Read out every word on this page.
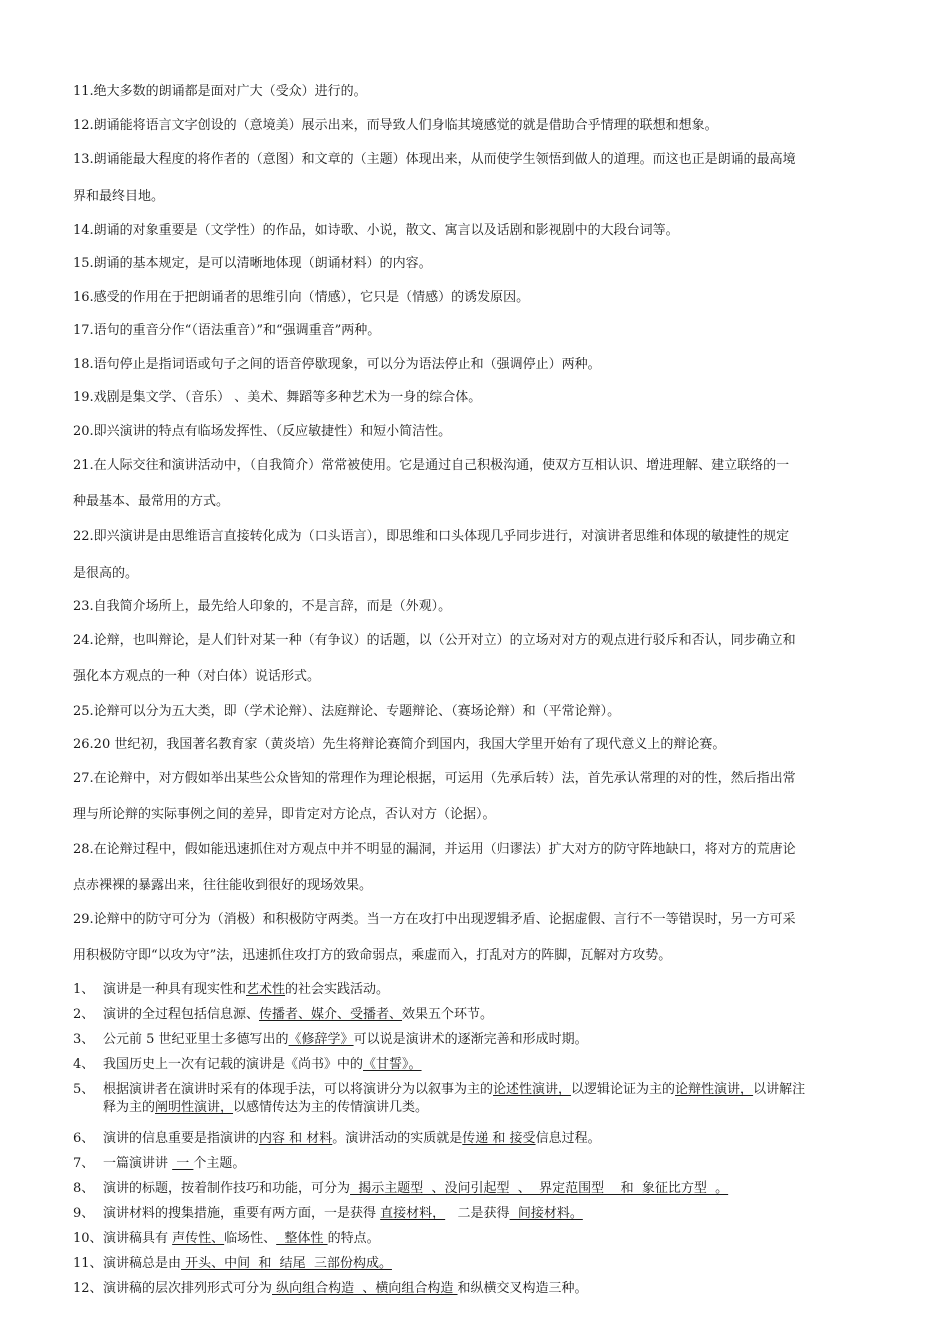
11.绝大多数的朗诵都是面对广大（受众）进行的。
12.朗诵能将语言文字创设的（意境美）展示出来，而导致人们身临其境感觉的就是借助合乎情理的联想和想象。
13.朗诵能最大程度的将作者的（意图）和文章的（主题）体现出来，从而使学生领悟到做人的道理。而这也正是朗诵的最高境
界和最终目地。
14.朗诵的对象重要是（文学性）的作品，如诗歌、小说，散文、寓言以及话剧和影视剧中的大段台词等。
15.朗诵的基本规定，是可以清晰地体现（朗诵材料）的内容。
16.感受的作用在于把朗诵者的思维引向（情感），它只是（情感）的诱发原因。
17.语句的重音分作“（语法重音）”和“强调重音”两种。
18.语句停止是指词语或句子之间的语音停歇现象，可以分为语法停止和（强调停止）两种。
19.戏剧是集文学、（音乐） 、美术、舞蹈等多种艺术为一身的综合体。
20.即兴演讲的特点有临场发挥性、（反应敏捷性）和短小简洁性。
21.在人际交往和演讲活动中，（自我简介）常常被使用。它是通过自己积极沟通，使双方互相认识、增进理解、建立联络的一
种最基本、最常用的方式。
22.即兴演讲是由思维语言直接转化成为（口头语言），即思维和口头体现几乎同步进行，对演讲者思维和体现的敏捷性的规定
是很高的。
23.自我简介场所上，最先给人印象的，不是言辞，而是（外观）。
24.论辩，也叫辩论，是人们针对某一种（有争议）的话题，以（公开对立）的立场对对方的观点进行驳斥和否认，同步确立和
强化本方观点的一种（对白体）说话形式。
25.论辩可以分为五大类，即（学术论辩）、法庭辩论、专题辩论、（赛场论辩）和（平常论辩）。
26.20 世纪初，我国著名教育家（黄炎培）先生将辩论赛简介到国内，我国大学里开始有了现代意义上的辩论赛。
27.在论辩中，对方假如举出某些公众皆知的常理作为理论根据，可运用（先承后转）法，首先承认常理的对的性，然后指出常
理与所论辩的实际事例之间的差异，即肯定对方论点，否认对方（论据）。
28.在论辩过程中，假如能迅速抓住对方观点中并不明显的漏洞，并运用（归谬法）扩大对方的防守阵地缺口，将对方的荒唐论
点赤裸裸的暴露出来，往往能收到很好的现场效果。
29.论辩中的防守可分为（消极）和积极防守两类。当一方在攻打中出现逻辑矛盾、论据虚假、言行不一等错误时，另一方可采
用积极防守即“以攻为守”法，迅速抓住攻打方的致命弱点，乘虚而入，打乱对方的阵脚，瓦解对方攻势。
1、 演讲是一种具有现实性和艺术性的社会实践活动。
2、 演讲的全过程包括信息源、传播者、媒介、受播者、效果五个环节。
3、 公元前 5 世纪亚里士多德写出的《修辞学》可以说是演讲术的逐渐完善和形成时期。
4、 我国历史上一次有记载的演讲是《尚书》中的《甘誓》。
5、 根据演讲者在演讲时采有的体现手法，可以将演讲分为以叙事为主的论述性演讲，以逻辑论证为主的论辩性演讲，以讲解注
释为主的阐明性演讲，以感情传达为主的传情演讲几类。
6、 演讲的信息重要是指演讲的内容 和 材料。演讲活动的实质就是传递 和 接受信息过程。
7、 一篇演讲讲  一 个主题。
8、 演讲的标题，按着制作技巧和功能，可分为  揭示主题型  、没问引起型  、  界定范围型    和  象征比方型  。
9、 演讲材料的搜集措施，重要有两方面，一是获得 直接材料，   二是获得  间接材料。
10、演讲稿具有 声传性、临场性、  整体性 的特点。
11、演讲稿总是由 开头、中间  和  结尾  三部份构成。
12、演讲稿的层次排列形式可分为 纵向组合构造  、横向组合构造 和纵横交叉构造三种。
